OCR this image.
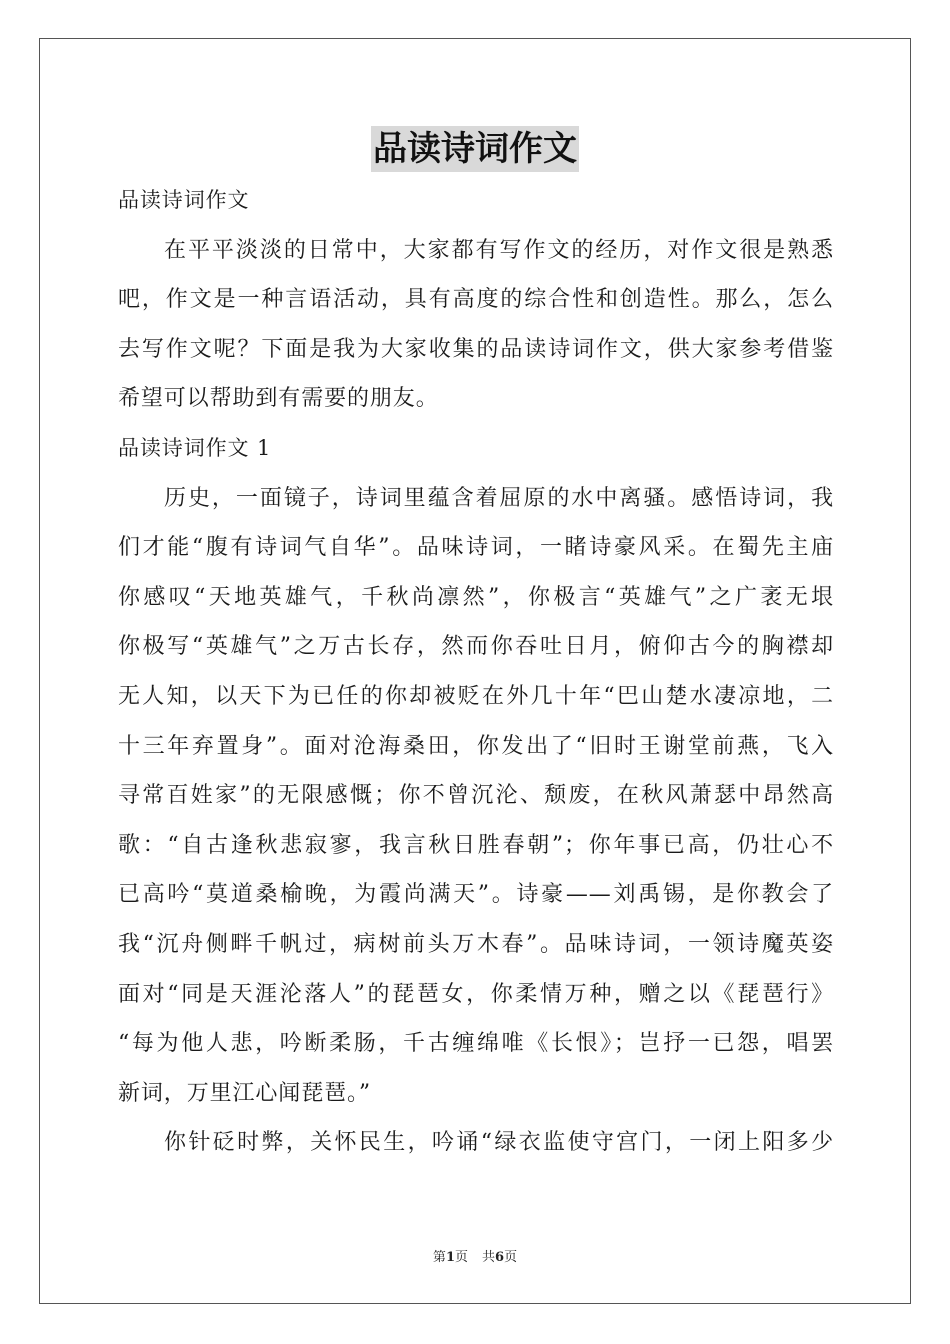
品读诗词作文
品读诗词作文
在平平淡淡的日常中，大家都有写作文的经历，对作文很是熟悉
吧，作文是一种言语活动，具有高度的综合性和创造性。那么，怎么
去写作文呢？下面是我为大家收集的品读诗词作文，供大家参考借鉴
希望可以帮助到有需要的朋友。
品读诗词作文 1
历史，一面镜子，诗词里蕴含着屈原的水中离骚。感悟诗词，我
们才能“腹有诗词气自华”。品味诗词，一睹诗豪风采。在蜀先主庙
你感叹“天地英雄气，千秋尚凛然”，你极言“英雄气”之广袤无垠
你极写“英雄气”之万古长存，然而你吞吐日月，俯仰古今的胸襟却
无人知，以天下为已任的你却被贬在外几十年“巴山楚水凄凉地，二
十三年弃置身”。面对沧海桑田，你发出了“旧时王谢堂前燕，飞入
寻常百姓家”的无限感慨；你不曾沉沦、颓废，在秋风萧瑟中昂然高
歌：“自古逢秋悲寂寥，我言秋日胜春朝”；你年事已高，仍壮心不
已高吟“莫道桑榆晚，为霞尚满天”。诗豪——刘禹锡，是你教会了
我“沉舟侧畔千帆过，病树前头万木春”。品味诗词，一领诗魔英姿
面对“同是天涯沦落人”的琵琶女，你柔情万种，赠之以《琵琶行》
“每为他人悲，吟断柔肠，千古缠绵唯《长恨》；岂抒一已怨，唱罢
新词，万里江心闻琵琶。”
你针砭时弊，关怀民生，吟诵“绿衣监使守宫门，一闭上阳多少
第1页 共6页
